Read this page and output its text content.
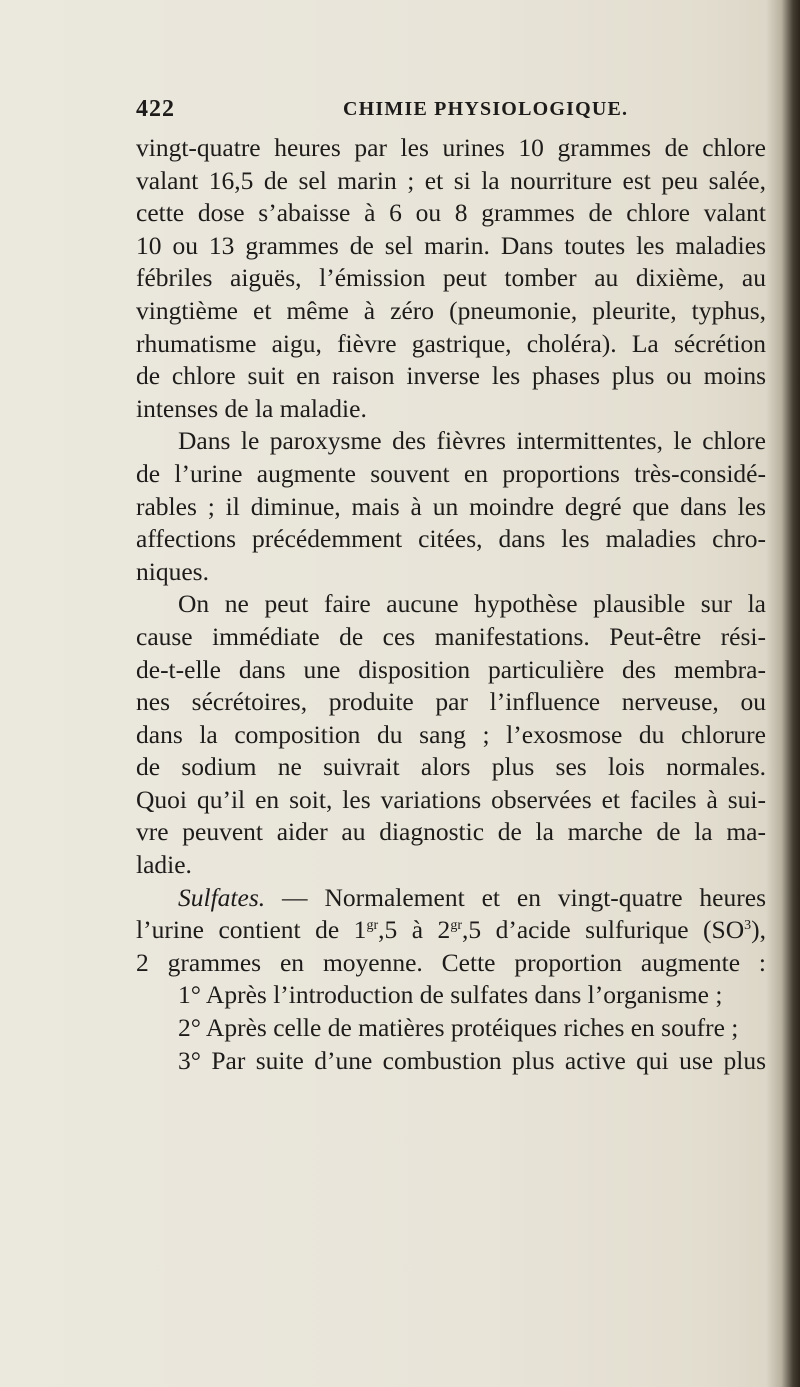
422	CHIMIE PHYSIOLOGIQUE.
vingt-quatre heures par les urines 10 grammes de chlore
valant 16,5 de sel marin ; et si la nourriture est peu salée,
cette dose s’abaisse à 6 ou 8 grammes de chlore valant
10 ou 13 grammes de sel marin. Dans toutes les maladies
fébriles aiguës, l’émission peut tomber au dixième, au
vingtième et même à zéro (pneumonie, pleurite, typhus,
rhumatisme aigu, fièvre gastrique, choléra). La sécrétion
de chlore suit en raison inverse les phases plus ou moins
intenses de la maladie.
Dans le paroxysme des fièvres intermittentes, le chlore
de l’urine augmente souvent en proportions très-considé-
rables ; il diminue, mais à un moindre degré que dans les
affections précédemment citées, dans les maladies chro-
niques.
On ne peut faire aucune hypothèse plausible sur la
cause immédiate de ces manifestations. Peut-être rési-
de-t-elle dans une disposition particulière des membra-
nes sécrétoires, produite par l’influence nerveuse, ou
dans la composition du sang ; l’exosmose du chlorure
de sodium ne suivrait alors plus ses lois normales.
Quoi qu’il en soit, les variations observées et faciles à sui-
vre peuvent aider au diagnostic de la marche de la ma-
ladie.
Sulfates. — Normalement et en vingt-quatre heures
l’urine contient de $1^{gr},5$ à $2^{gr},5$ d’acide sulfurique $(SO^3)$,
2 grammes en moyenne. Cette proportion augmente :
1° Après l’introduction de sulfates dans l’organisme ;
2° Après celle de matières protéiques riches en soufre ;
3° Par suite d’une combustion plus active qui use plus
